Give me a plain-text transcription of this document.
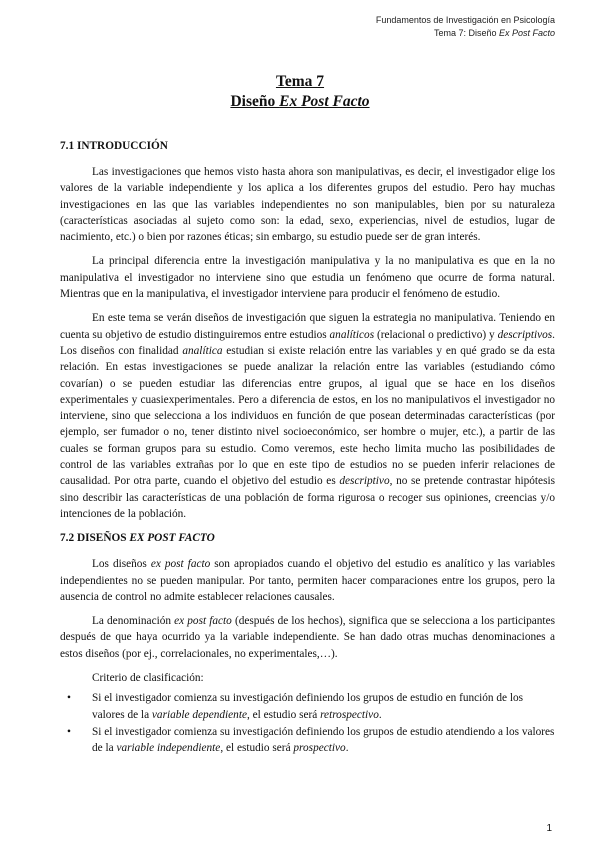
Fundamentos de Investigación en Psicología
Tema 7: Diseño Ex Post Facto
Tema 7
Diseño Ex Post Facto
7.1 INTRODUCCIÓN

Las investigaciones que hemos visto hasta ahora son manipulativas, es decir, el investigador elige los valores de la variable independiente y los aplica a los diferentes grupos del estudio. Pero hay muchas investigaciones en las que las variables independientes no son manipulables, bien por su naturaleza (características asociadas al sujeto como son: la edad, sexo, experiencias, nivel de estudios, lugar de nacimiento, etc.) o bien por razones éticas; sin embargo, su estudio puede ser de gran interés.

La principal diferencia entre la investigación manipulativa y la no manipulativa es que en la no manipulativa el investigador no interviene sino que estudia un fenómeno que ocurre de forma natural. Mientras que en la manipulativa, el investigador interviene para producir el fenómeno de estudio.

En este tema se verán diseños de investigación que siguen la estrategia no manipulativa. Teniendo en cuenta su objetivo de estudio distinguiremos entre estudios analíticos (relacional o predictivo) y descriptivos. Los diseños con finalidad analítica estudian si existe relación entre las variables y en qué grado se da esta relación. En estas investigaciones se puede analizar la relación entre las variables (estudiando cómo covarían) o se pueden estudiar las diferencias entre grupos, al igual que se hace en los diseños experimentales y cuasiexperimentales. Pero a diferencia de estos, en los no manipulativos el investigador no interviene, sino que selecciona a los individuos en función de que posean determinadas características (por ejemplo, ser fumador o no, tener distinto nivel socioeconómico, ser hombre o mujer, etc.), a partir de las cuales se forman grupos para su estudio. Como veremos, este hecho limita mucho las posibilidades de control de las variables extrañas por lo que en este tipo de estudios no se pueden inferir relaciones de causalidad. Por otra parte, cuando el objetivo del estudio es descriptivo, no se pretende contrastar hipótesis sino describir las características de una población de forma rigurosa o recoger sus opiniones, creencias y/o intenciones de la población.

7.2 DISEÑOS EX POST FACTO

Los diseños ex post facto son apropiados cuando el objetivo del estudio es analítico y las variables independientes no se pueden manipular. Por tanto, permiten hacer comparaciones entre los grupos, pero la ausencia de control no admite establecer relaciones causales.

La denominación ex post facto (después de los hechos), significa que se selecciona a los participantes después de que haya ocurrido ya la variable independiente. Se han dado otras muchas denominaciones a estos diseños (por ej., correlacionales, no experimentales,…).

Criterio de clasificación:

• Si el investigador comienza su investigación definiendo los grupos de estudio en función de los valores de la variable dependiente, el estudio será retrospectivo.
• Si el investigador comienza su investigación definiendo los grupos de estudio atendiendo a los valores de la variable independiente, el estudio será prospectivo.
1
